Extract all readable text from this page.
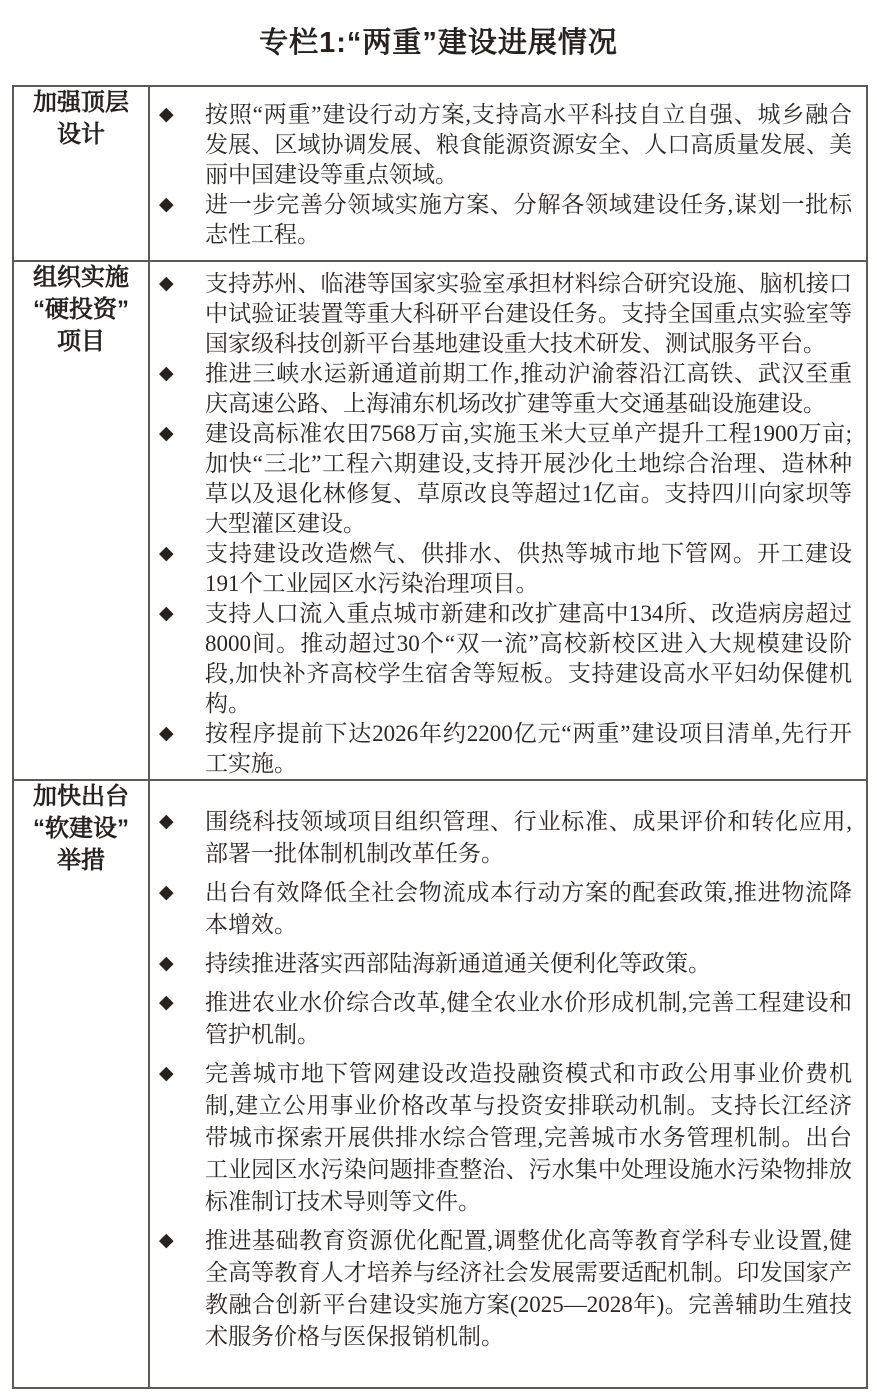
专栏1:“两重”建设进展情况
加强顶层
设计

◆	按照“两重”建设行动方案,支持高水平科技自立自强、城乡融合发展、区域协调发展、粮食能源资源安全、人口高质量发展、美丽中国建设等重点领域。
◆	进一步完善分领域实施方案、分解各领域建设任务,谋划一批标志性工程。

组织实施
“硬投资”
项目

◆	支持苏州、临港等国家实验室承担材料综合研究设施、脑机接口中试验证装置等重大科研平台建设任务。支持全国重点实验室等国家级科技创新平台基地建设重大技术研发、测试服务平台。
◆	推进三峡水运新通道前期工作,推动沪渝蓉沿江高铁、武汉至重庆高速公路、上海浦东机场改扩建等重大交通基础设施建设。
◆	建设高标准农田7568万亩,实施玉米大豆单产提升工程1900万亩;加快“三北”工程六期建设,支持开展沙化土地综合治理、造林种草以及退化林修复、草原改良等超过1亿亩。支持四川向家坝等大型灌区建设。
◆	支持建设改造燃气、供排水、供热等城市地下管网。开工建设191个工业园区水污染治理项目。
◆	支持人口流入重点城市新建和改扩建高中134所、改造病房超过8000间。推动超过30个“双一流”高校新校区进入大规模建设阶段,加快补齐高校学生宿舍等短板。支持建设高水平妇幼保健机构。
◆	按程序提前下达2026年约2200亿元“两重”建设项目清单,先行开工实施。

加快出台
“软建设”
举措

◆	围绕科技领域项目组织管理、行业标准、成果评价和转化应用,部署一批体制机制改革任务。
◆	出台有效降低全社会物流成本行动方案的配套政策,推进物流降本增效。
◆	持续推进落实西部陆海新通道通关便利化等政策。
◆	推进农业水价综合改革,健全农业水价形成机制,完善工程建设和管护机制。
◆	完善城市地下管网建设改造投融资模式和市政公用事业价费机制,建立公用事业价格改革与投资安排联动机制。支持长江经济带城市探索开展供排水综合管理,完善城市水务管理机制。出台工业园区水污染问题排查整治、污水集中处理设施水污染物排放标准制订技术导则等文件。
◆	推进基础教育资源优化配置,调整优化高等教育学科专业设置,健全高等教育人才培养与经济社会发展需要适配机制。印发国家产教融合创新平台建设实施方案(2025—2028年)。完善辅助生殖技术服务价格与医保报销机制。
